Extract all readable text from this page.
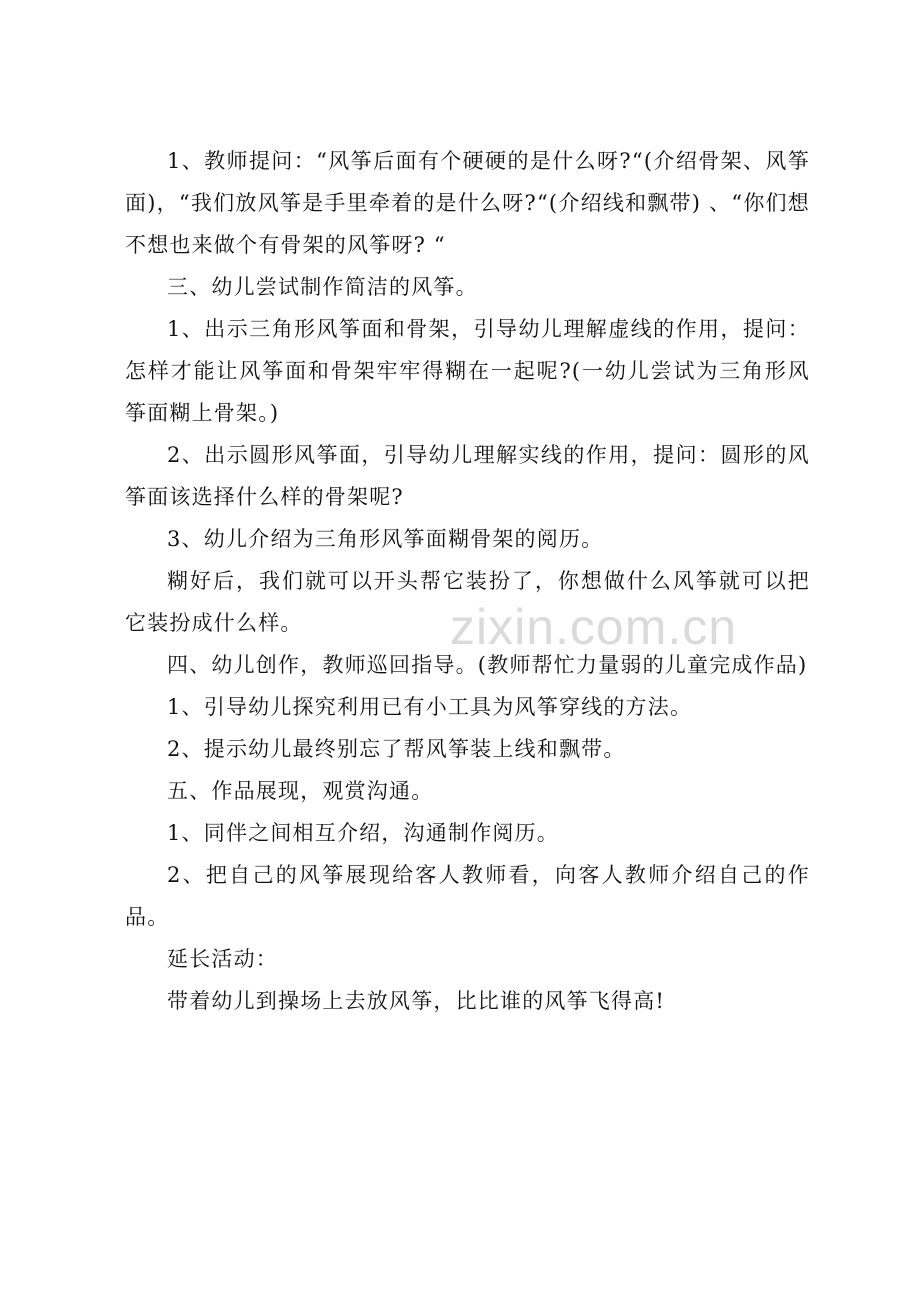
1、教师提问：“风筝后面有个硬硬的是什么呀?“(介绍骨架、风筝面)，“我们放风筝是手里牵着的是什么呀?“(介绍线和飘带) 、“你们想不想也来做个有骨架的风筝呀? “

三、幼儿尝试制作简洁的风筝。

1、出示三角形风筝面和骨架，引导幼儿理解虚线的作用，提问：怎样才能让风筝面和骨架牢牢得糊在一起呢?(一幼儿尝试为三角形风筝面糊上骨架。)

2、出示圆形风筝面，引导幼儿理解实线的作用，提问：圆形的风筝面该选择什么样的骨架呢?

3、幼儿介绍为三角形风筝面糊骨架的阅历。

糊好后，我们就可以开头帮它装扮了，你想做什么风筝就可以把它装扮成什么样。

四、幼儿创作，教师巡回指导。(教师帮忙力量弱的儿童完成作品)

1、引导幼儿探究利用已有小工具为风筝穿线的方法。

2、提示幼儿最终别忘了帮风筝装上线和飘带。

五、作品展现，观赏沟通。

1、同伴之间相互介绍，沟通制作阅历。

2、把自己的风筝展现给客人教师看，向客人教师介绍自己的作品。

延长活动：

带着幼儿到操场上去放风筝，比比谁的风筝飞得高!

zixin.com.cn
